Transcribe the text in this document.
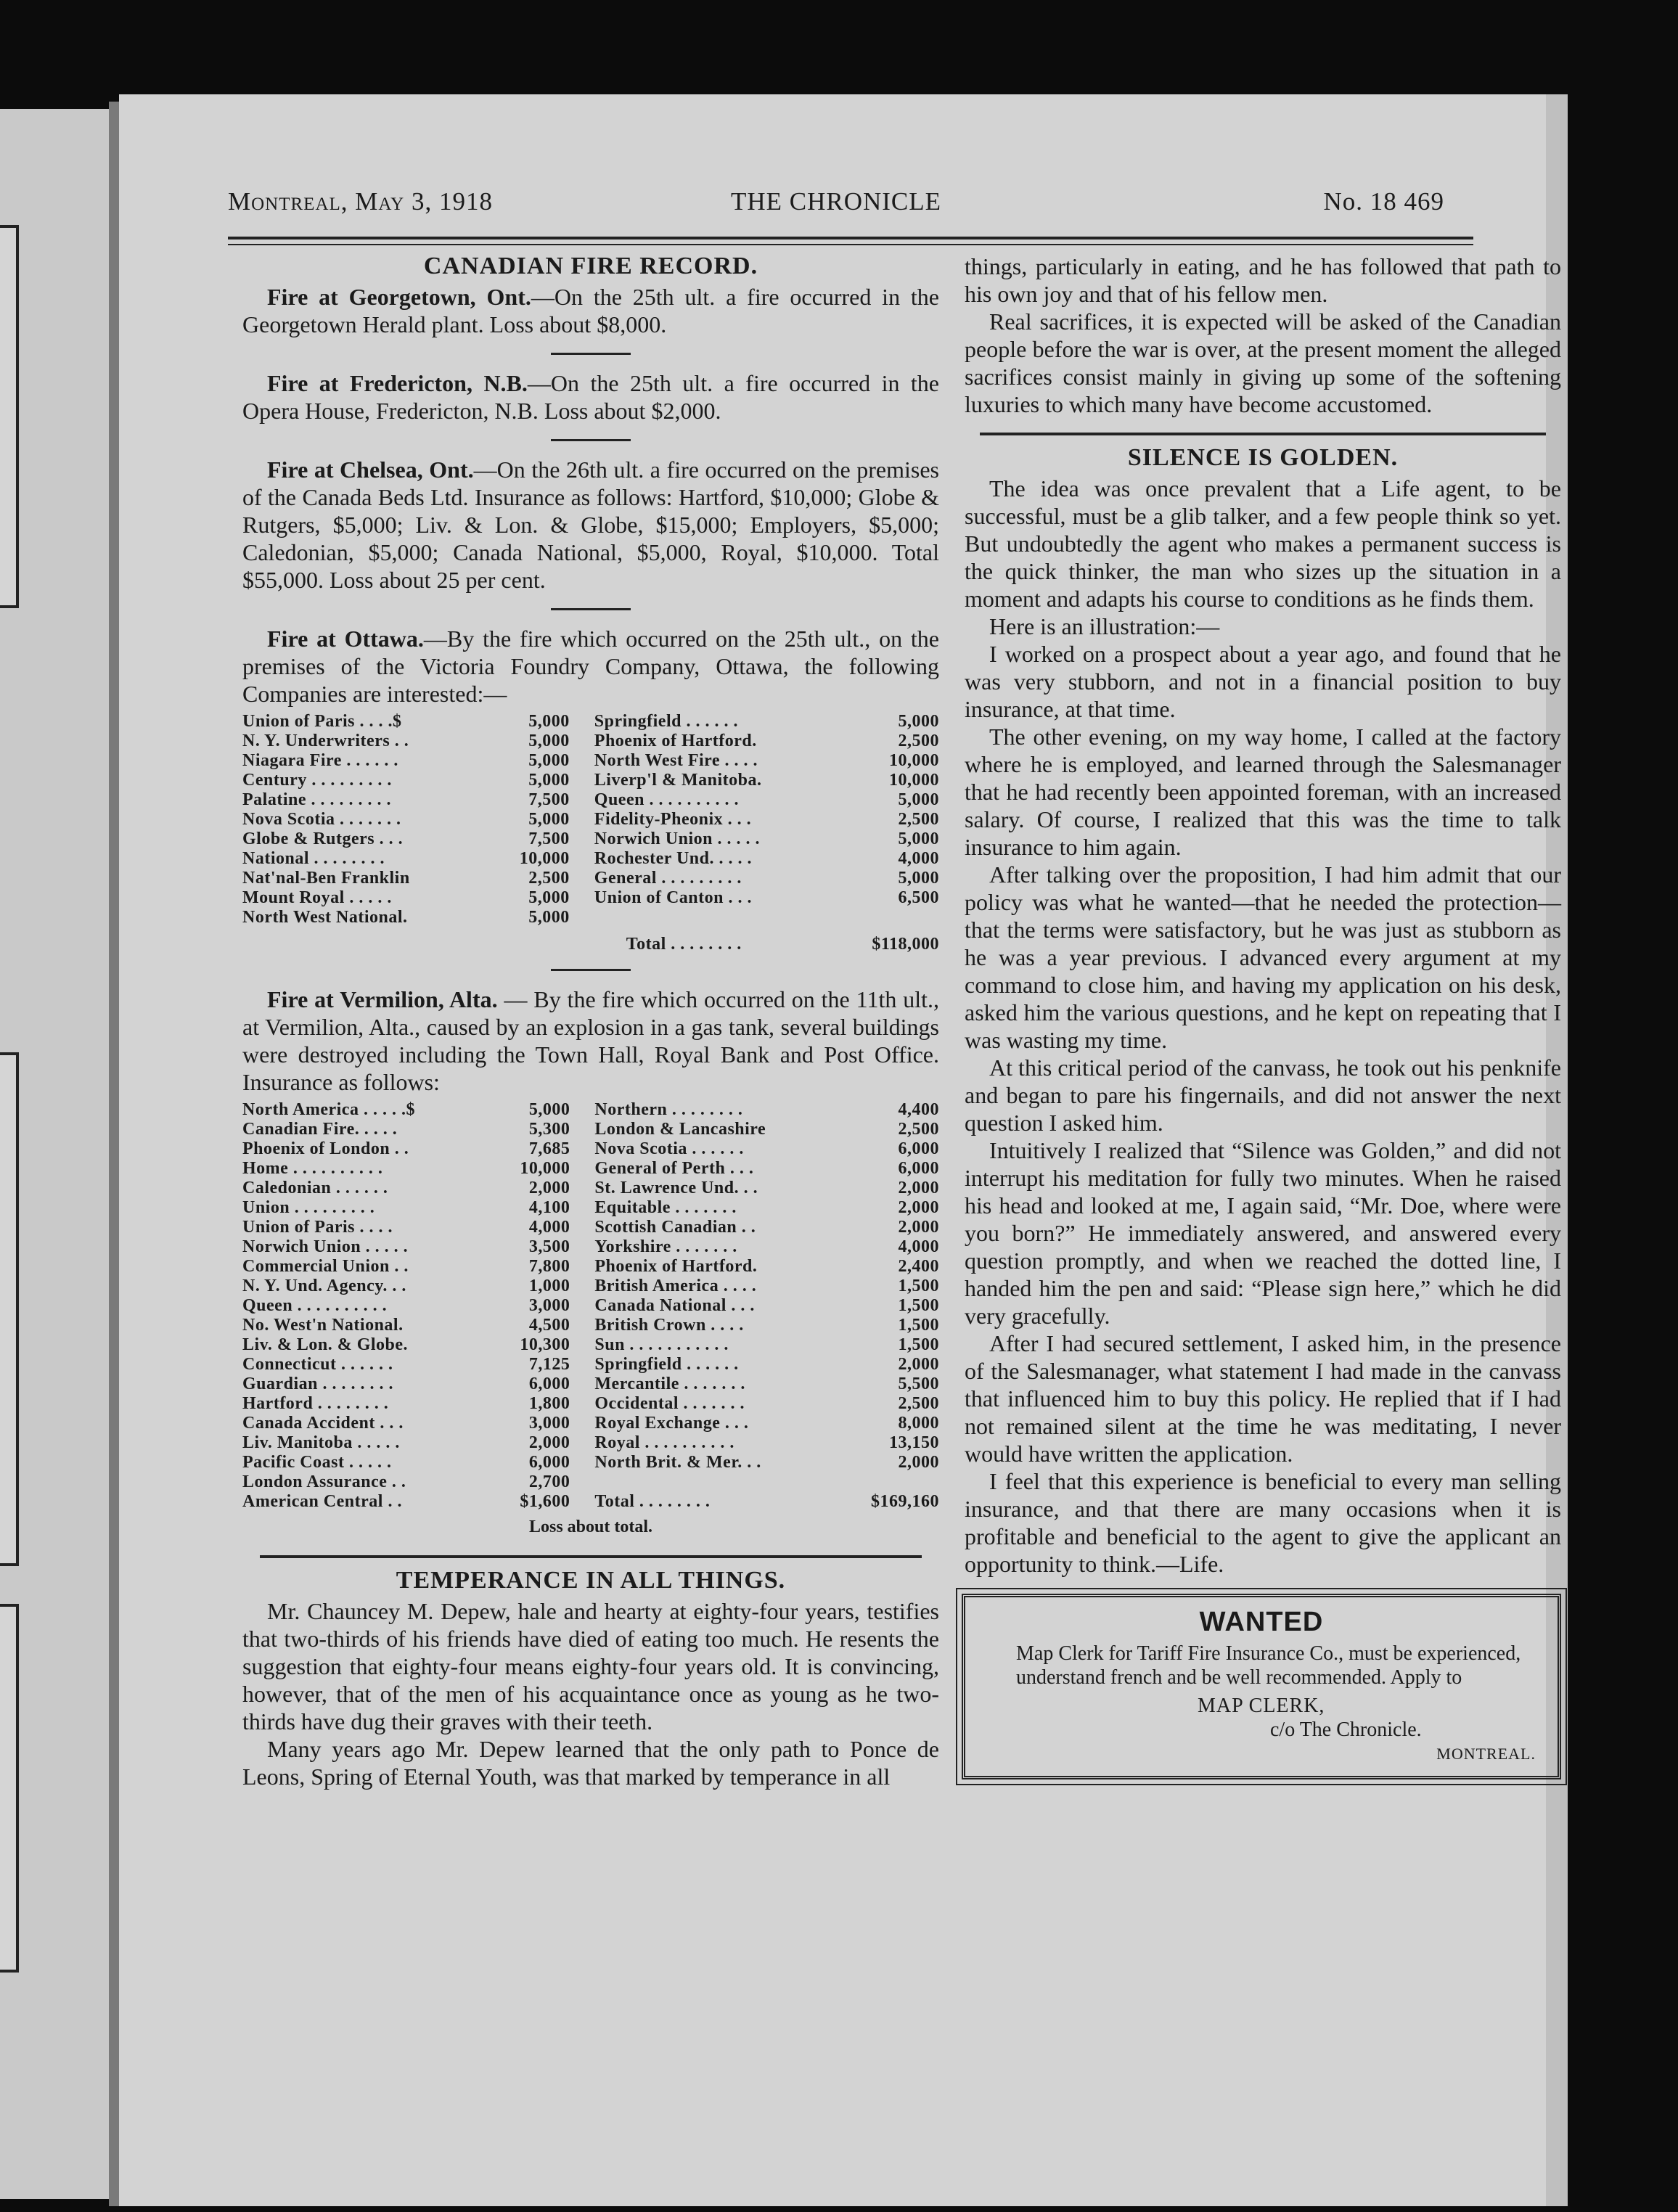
Montreal, May 3, 1918	THE CHRONICLE	No. 18 469
CANADIAN FIRE RECORD.

Fire at Georgetown, Ont.—On the 25th ult. a fire occurred in the Georgetown Herald plant. Loss about $8,000.

Fire at Fredericton, N.B.—On the 25th ult. a fire occurred in the Opera House, Fredericton, N.B. Loss about $2,000.

Fire at Chelsea, Ont.—On the 26th ult. a fire occurred on the premises of the Canada Beds Ltd. Insurance as follows: Hartford, $10,000; Globe & Rutgers, $5,000; Liv. & Lon. & Globe, $15,000; Employers, $5,000; Caledonian, $5,000; Canada National, $5,000, Royal, $10,000. Total $55,000. Loss about 25 per cent.

Fire at Ottawa.—By the fire which occurred on the 25th ult., on the premises of the Victoria Foundry Company, Ottawa, the following Companies are interested:—

Union of Paris . . . .$	5,000	Springfield . . . . . .	5,000
N. Y. Underwriters . .	5,000	Phoenix of Hartford.	2,500
Niagara Fire . . . . . .	5,000	North West Fire . . . .	10,000
Century . . . . . . . . .	5,000	Liverp'l & Manitoba.	10,000
Palatine . . . . . . . . .	7,500	Queen . . . . . . . . . .	5,000
Nova Scotia . . . . . . .	5,000	Fidelity-Pheonix . . .	2,500
Globe & Rutgers . . .	7,500	Norwich Union . . . . .	5,000
National . . . . . . . .	10,000	Rochester Und. . . . .	4,000
Nat'nal-Ben Franklin	2,500	General . . . . . . . . .	5,000
Mount Royal . . . . .	5,000	Union of Canton . . .	6,500
North West National.	5,000		
		Total . . . . . . . .	$118,000

Fire at Vermilion, Alta. — By the fire which occurred on the 11th ult., at Vermilion, Alta., caused by an explosion in a gas tank, several buildings were destroyed including the Town Hall, Royal Bank and Post Office. Insurance as follows:

North America . . . . .$	5,000	Northern . . . . . . . .	4,400
Canadian Fire. . . . .	5,300	London & Lancashire	2,500
Phoenix of London . .	7,685	Nova Scotia . . . . . .	6,000
Home . . . . . . . . . .	10,000	General of Perth . . .	6,000
Caledonian . . . . . .	2,000	St. Lawrence Und. . .	2,000
Union . . . . . . . . .	4,100	Equitable . . . . . . .	2,000
Union of Paris . . . .	4,000	Scottish Canadian . .	2,000
Norwich Union . . . . .	3,500	Yorkshire . . . . . . .	4,000
Commercial Union . .	7,800	Phoenix of Hartford.	2,400
N. Y. Und. Agency. . .	1,000	British America . . . .	1,500
Queen . . . . . . . . . .	3,000	Canada National . . .	1,500
No. West'n National.	4,500	British Crown . . . .	1,500
Liv. & Lon. & Globe.	10,300	Sun . . . . . . . . . . .	1,500
Connecticut . . . . . .	7,125	Springfield . . . . . .	2,000
Guardian . . . . . . . .	6,000	Mercantile . . . . . . .	5,500
Hartford . . . . . . . .	1,800	Occidental . . . . . . .	2,500
Canada Accident . . .	3,000	Royal Exchange . . .	8,000
Liv. Manitoba . . . . .	2,000	Royal . . . . . . . . . .	13,150
Pacific Coast . . . . .	6,000	North Brit. & Mer. . .	2,000
London Assurance . .	2,700		
American Central . .	$1,600	Total . . . . . . . .	$169,160
Loss about total.
TEMPERANCE IN ALL THINGS.

Mr. Chauncey M. Depew, hale and hearty at eighty-four years, testifies that two-thirds of his friends have died of eating too much. He resents the suggestion that eighty-four means eighty-four years old. It is convincing, however, that of the men of his acquaintance once as young as he two-thirds have dug their graves with their teeth.

Many years ago Mr. Depew learned that the only path to Ponce de Leons, Spring of Eternal Youth, was that marked by temperance in all

things, particularly in eating, and he has followed that path to his own joy and that of his fellow men.

Real sacrifices, it is expected will be asked of the Canadian people before the war is over, at the present moment the alleged sacrifices consist mainly in giving up some of the softening luxuries to which many have become accustomed.

SILENCE IS GOLDEN.

The idea was once prevalent that a Life agent, to be successful, must be a glib talker, and a few people think so yet. But undoubtedly the agent who makes a permanent success is the quick thinker, the man who sizes up the situation in a moment and adapts his course to conditions as he finds them.

Here is an illustration:—

I worked on a prospect about a year ago, and found that he was very stubborn, and not in a financial position to buy insurance, at that time.

The other evening, on my way home, I called at the factory where he is employed, and learned through the Salesmanager that he had recently been appointed foreman, with an increased salary. Of course, I realized that this was the time to talk insurance to him again.

After talking over the proposition, I had him admit that our policy was what he wanted—that he needed the protection—that the terms were satisfactory, but he was just as stubborn as he was a year previous. I advanced every argument at my command to close him, and having my application on his desk, asked him the various questions, and he kept on repeating that I was wasting my time.

At this critical period of the canvass, he took out his penknife and began to pare his fingernails, and did not answer the next question I asked him.

Intuitively I realized that “Silence was Golden,” and did not interrupt his meditation for fully two minutes. When he raised his head and looked at me, I again said, “Mr. Doe, where were you born?” He immediately answered, and answered every question promptly, and when we reached the dotted line, I handed him the pen and said: “Please sign here,” which he did very gracefully.

After I had secured settlement, I asked him, in the presence of the Salesmanager, what statement I had made in the canvass that influenced him to buy this policy. He replied that if I had not remained silent at the time he was meditating, I never would have written the application.

I feel that this experience is beneficial to every man selling insurance, and that there are many occasions when it is profitable and beneficial to the agent to give the applicant an opportunity to think.—Life.

WANTED

Map Clerk for Tariff Fire Insurance Co., must be experienced, understand french and be well recommended. Apply to

MAP CLERK,
c/o The Chronicle.
MONTREAL.
